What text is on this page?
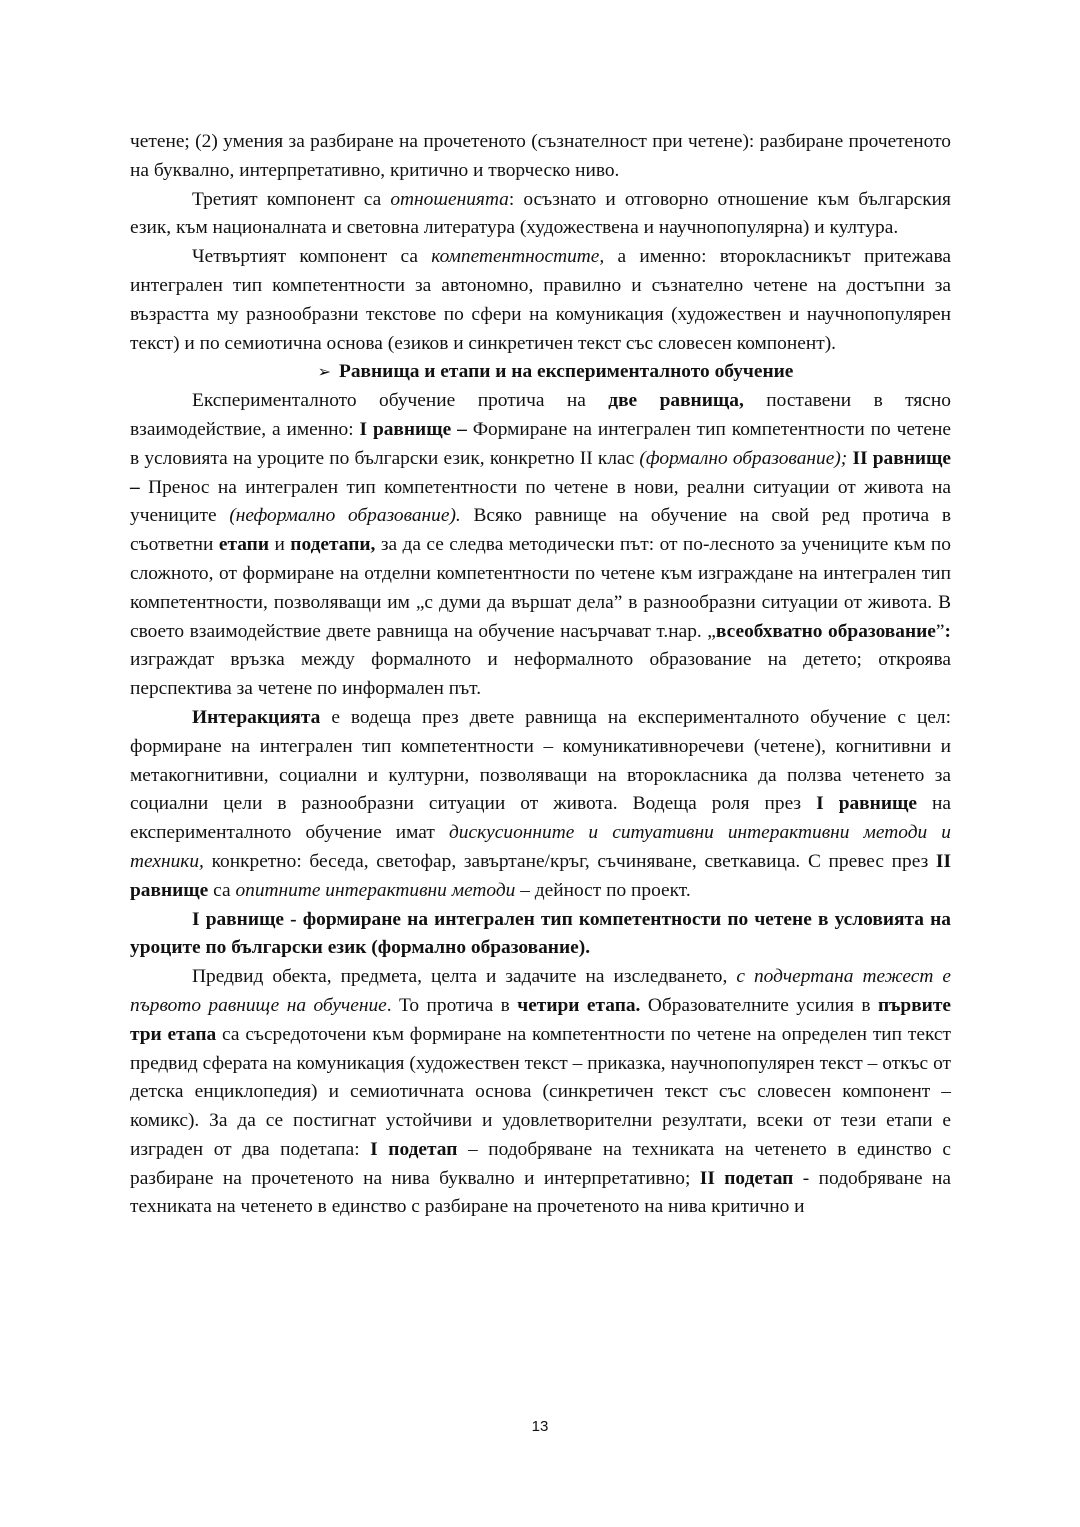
четене; (2) умения за разбиране на прочетеното (съзнателност при четене): разбиране прочетеното на буквално, интерпретативно, критично и творческо ниво.

Третият компонент са отношенията: осъзнато и отговорно отношение към българския език, към националната и световна литература (художествена и научнопопулярна) и култура.

Четвъртият компонент са компетентностите, а именно: второкласникът притежава интегрален тип компетентности за автономно, правилно и съзнателно четене на достъпни за възрастта му разнообразни текстове по сфери на комуникация (художествен и научнопопулярен текст) и по семиотична основа (езиков и синкретичен текст със словесен компонент).

➢ Равнища и етапи и на експерименталното обучение

Експерименталното обучение протича на две равнища, поставени в тясно взаимодействие, а именно: I равнище – Формиране на интегрален тип компетентности по четене в условията на уроците по български език, конкретно II клас (формално образование); II равнище – Пренос на интегрален тип компетентности по четене в нови, реални ситуации от живота на учениците (неформално образование). Всяко равнище на обучение на свой ред протича в съответни етапи и подетапи, за да се следва методически път: от по-лесното за учениците към по сложното, от формиране на отделни компетентности по четене към изграждане на интегрален тип компетентности, позволяващи им „с думи да вършат дела” в разнообразни ситуации от живота. В своето взаимодействие двете равнища на обучение насърчават т.нар. „всеобхватно образование”: изграждат връзка между формалното и неформалното образование на детето; откроява перспектива за четене по информален път.

Интеракцията е водеща през двете равнища на експерименталното обучение с цел: формиране на интегрален тип компетентности – комуникативноречеви (четене), когнитивни и метакогнитивни, социални и културни, позволяващи на второкласника да ползва четенето за социални цели в разнообразни ситуации от живота. Водеща роля през I равнище на експерименталното обучение имат дискусионните и ситуативни интерактивни методи и техники, конкретно: беседа, светофар, завъртане/кръг, съчиняване, светкавица. С превес през II равнище са опитните интерактивни методи – дейност по проект.

I равнище - формиране на интегрален тип компетентности по четене в условията на уроците по български език (формално образование).

Предвид обекта, предмета, целта и задачите на изследването, с подчертана тежест е първото равнище на обучение. То протича в четири етапа. Образователните усилия в първите три етапа са съсредоточени към формиране на компетентности по четене на определен тип текст предвид сферата на комуникация (художествен текст – приказка, научнопопулярен текст – откъс от детска енциклопедия) и семиотичната основа (синкретичен текст със словесен компонент – комикс). За да се постигнат устойчиви и удовлетворителни резултати, всеки от тези етапи е изграден от два подетапа: I подетап – подобряване на техниката на четенето в единство с разбиране на прочетеното на нива буквално и интерпретативно; II подетап - подобряване на техниката на четенето в единство с разбиране на прочетеното на нива критично и

13
